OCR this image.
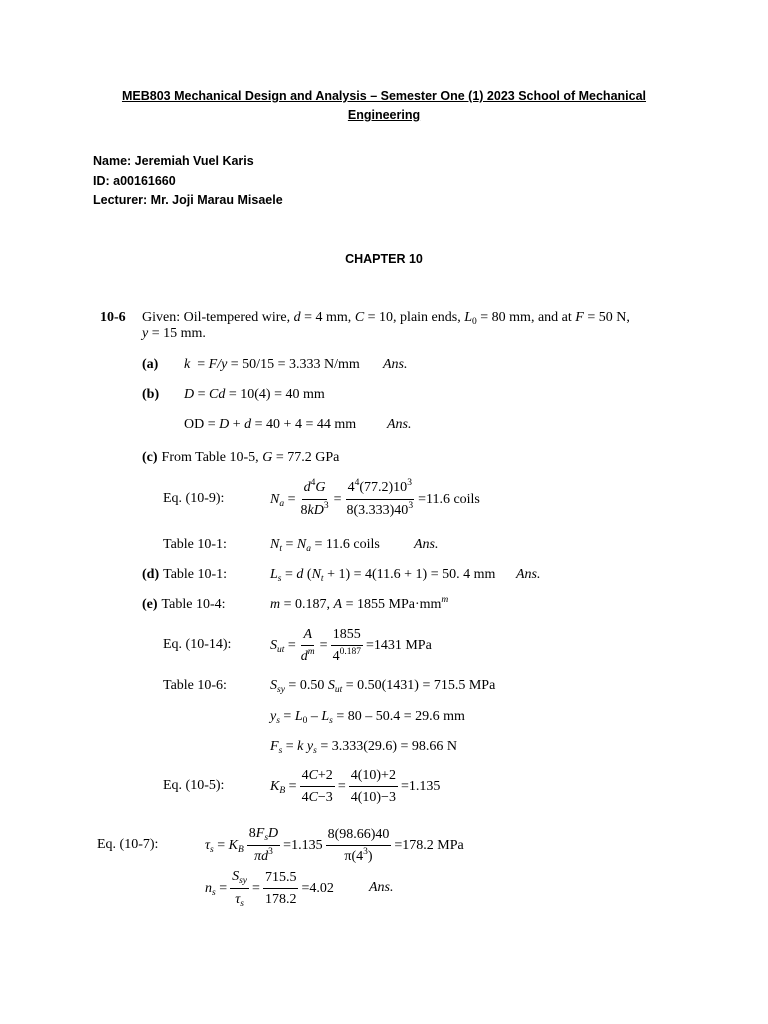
MEB803 Mechanical Design and Analysis – Semester One (1) 2023 School of Mechanical
Engineering
Name: Jeremiah Vuel Karis
ID: a00161660
Lecturer: Mr. Joji Marau Misaele
CHAPTER 10
10-6 Given: Oil-tempered wire, d = 4 mm, C = 10, plain ends, L 0 = 80 mm, and at F = 50 N,
y = 15 mm.
(a) k = F/y = 50/15 = 3.333 N/mm Ans.
(b) D = Cd = 10(4) = 40 mm
OD = D + d = 40 + 4 = 44 mm Ans.
(c) From Table 10-5, G = 77.2 GPa
Eq. (10-9):	N $a = \frac{d 4 G}{8 kD 3} = \frac{4 4 (77.2)10 3}{8(3.333)40 3} =11.6$ coils
Table 10-1:	N t = N a = 11.6 coils Ans.
(d) Table 10-1:	L s = d ( N t + 1) = 4(11.6 + 1) = 50. 4 mm Ans.
(e) Table 10-4:	m = 0.187, A = 1855 MPa·mm m
Eq. (10-14):	S ut = $\frac{A}{\text{d m}} = \frac{1855}{4 0.187} =1431$ MPa
Table 10-6:	S sy = 0.50 S ut = 0.50(1431) = 715.5 MPa
y s = L 0 – L s = 80 – 50.4 = 29.6 mm
F s = k y s = 3.333(29.6) = 98.66 N
Eq. (10-5):	K $B = \frac{4 C +2}{4 C -3} = \frac{4(10)+2}{4(10)-3} =1.135$
Eq. (10-7):	τ s = K B $\frac{\text{8 F s D}}{\text{π d 3}} =1.135 \frac{8(98.66)40}{\pi(4 3 )} =178.2$ MPa
n $s = \frac{\text{S sy}}{\text{τ s}} = \frac{715.5}{178.2} =4.02$	Ans.
